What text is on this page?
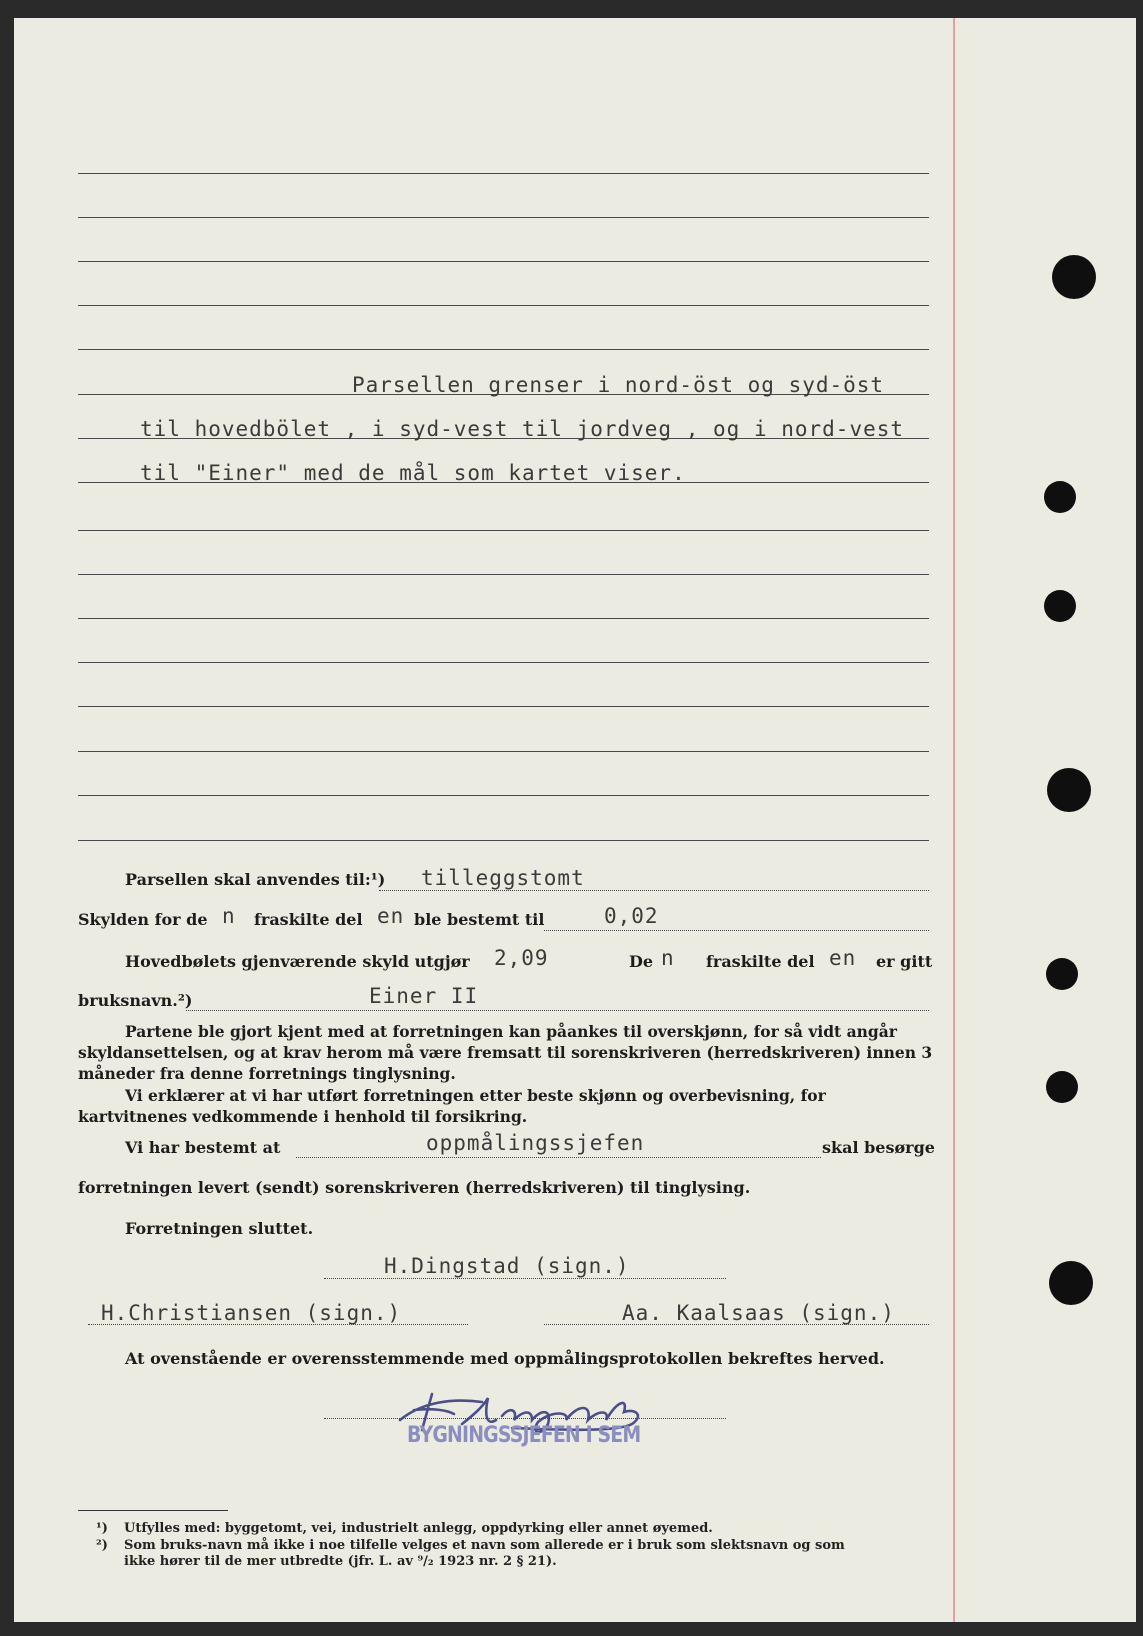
Parsellen grenser i nord-öst og syd-öst
til hovedbölet , i syd-vest til jordveg , og i nord-vest
til "Einer" med de mål som kartet viser.
Parsellen skal anvendes til:¹) tilleggstomt
Skylden for de n fraskilte del en ble bestemt til	0,02
Hovedbølets gjenværende skyld utgjør 2,09	De n fraskilte del en er gitt
bruksnavn.²)	Einer II
Partene ble gjort kjent med at forretningen kan påankes til overskjønn, for så vidt angår skyldansettelsen, og at krav herom må være fremsatt til sorenskriveren (herredskriveren) innen 3 måneder fra denne forretnings tinglysning.
Vi erklærer at vi har utført forretningen etter beste skjønn og overbevisning, for kartvitnenes vedkommende i henhold til forsikring.
Vi har bestemt at	oppmålingssjefen	skal besørge
forretningen levert (sendt) sorenskriveren (herredskriveren) til tinglysing.
Forretningen sluttet.
H.Dingstad (sign.)
H.Christiansen (sign.)	Aa. Kaalsaas (sign.)
At ovenstående er overensstemmende med oppmålingsprotokollen bekreftes herved.
BYGNINGSSJEFEN I SEM
¹) Utfylles med: byggetomt, vei, industrielt anlegg, oppdyrking eller annet øyemed.
²) Som bruks-navn må ikke i noe tilfelle velges et navn som allerede er i bruk som slektsnavn og som
ikke hører til de mer utbredte (jfr. L. av ⁹/₂ 1923 nr. 2 § 21).
